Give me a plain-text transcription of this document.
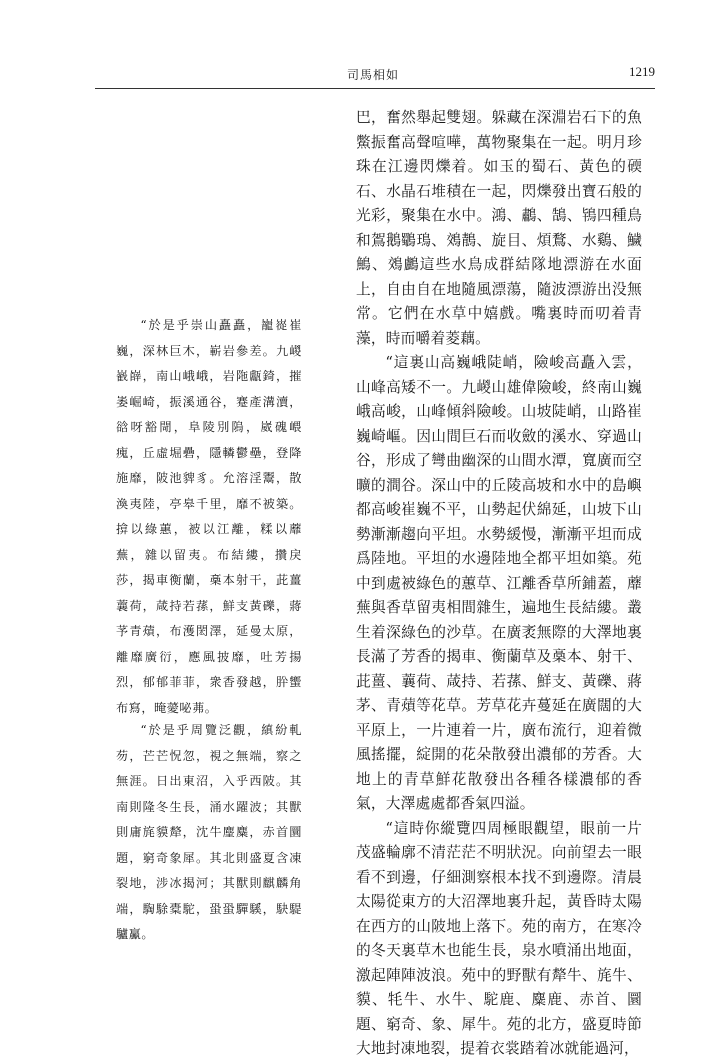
司馬相如	1219

“於是乎崇山矗矗，巃嵸崔巍，深林巨木，嶄岩參差。九嵕巀嶭，南山峨峨，岩陁甗錡，摧崣崛崎，振溪通谷，蹇產溝瀆，谽呀豁閜，阜陵別隖，崴磈㟪瘣，丘虛堀礨，隱轔鬱壘，登降施靡，陂池貏豸。允溶淫鬻，散渙夷陸，亭皋千里，靡不被築。揜以綠蕙，被以江離，糅以蘼蕪，雜以留夷。布結縷，攢戾莎，揭車衡蘭，槀本射干，茈薑蘘荷，葴持若蓀，鮮支黃礫，蔣芧青薠，布濩閎澤，延曼太原，離靡廣衍，應風披靡，吐芳揚烈，郁郁菲菲，衆香發越，肸蠁布寫，晻薆咇茀。

“於是乎周覽泛觀，縝紛軋芴，芒芒怳忽，視之無端，察之無涯。日出東沼，入乎西陂。其南則隆冬生長，涌水躍波；其獸則庸旄貘犛，沈牛麈麋，赤首圜題，窮奇象犀。其北則盛夏含凍裂地，涉冰揭河；其獸則麒麟角端，騊駼橐駝，蛩蛩驒騱，駃騠驢驘。

巴，奮然舉起雙翅。躲藏在深淵岩石下的魚鱉振奮高聲喧嘩，萬物聚集在一起。明月珍珠在江邊閃爍着。如玉的蜀石、黃色的碝石、水晶石堆積在一起，閃爍發出寶石般的光彩，聚集在水中。鴻、鷫、鵠、鴇四種鳥和鴐鵝鸀鳿、鵁鶄、旋目、煩鶩、水鷄、鱥鷠、鵁鸕這些水鳥成群結隊地漂游在水面上，自由自在地隨風漂蕩，隨波漂游出没無常。它們在水草中嬉戲。嘴裏時而叨着青藻，時而嚼着菱藕。

“這裏山高巍峨陡峭，險峻高矗入雲，山峰高矮不一。九嵕山雄偉險峻，終南山巍峨高峻，山峰傾斜險峻。山坡陡峭，山路崔巍崎嶇。因山間巨石而收斂的溪水、穿過山谷，形成了彎曲幽深的山間水潭，寬廣而空曠的澗谷。深山中的丘陵高坡和水中的島嶼都高峻崔巍不平，山勢起伏綿延，山坡下山勢漸漸趨向平坦。水勢緩慢，漸漸平坦而成爲陸地。平坦的水邊陸地全都平坦如築。苑中到處被綠色的蕙草、江離香草所鋪蓋，蘼蕪與香草留夷相間雜生，遍地生長結縷。叢生着深綠色的沙草。在廣袤無際的大澤地裏長滿了芳香的揭車、衡蘭草及槀本、射干、茈薑、蘘荷、葴持、若蓀、鮮支、黃礫、蔣茅、青薠等花草。芳草花卉蔓延在廣闊的大平原上，一片連着一片，廣布流行，迎着微風搖擺，綻開的花朵散發出濃郁的芳香。大地上的青草鮮花散發出各種各樣濃郁的香氣，大澤處處都香氣四溢。

“這時你縱覽四周極眼觀望，眼前一片茂盛輪廓不清茫茫不明狀況。向前望去一眼看不到邊，仔細測察根本找不到邊際。清晨太陽從東方的大沼澤地裏升起，黃昏時太陽在西方的山陂地上落下。苑的南方，在寒冷的冬天裏草木也能生長，泉水噴涌出地面，激起陣陣波浪。苑中的野獸有犛牛、旄牛、貘、牦牛、水牛、駝鹿、麋鹿、赤首、圜題、窮奇、象、犀牛。苑的北方，盛夏時節大地封凍地裂，提着衣裳踏着冰就能過河，
